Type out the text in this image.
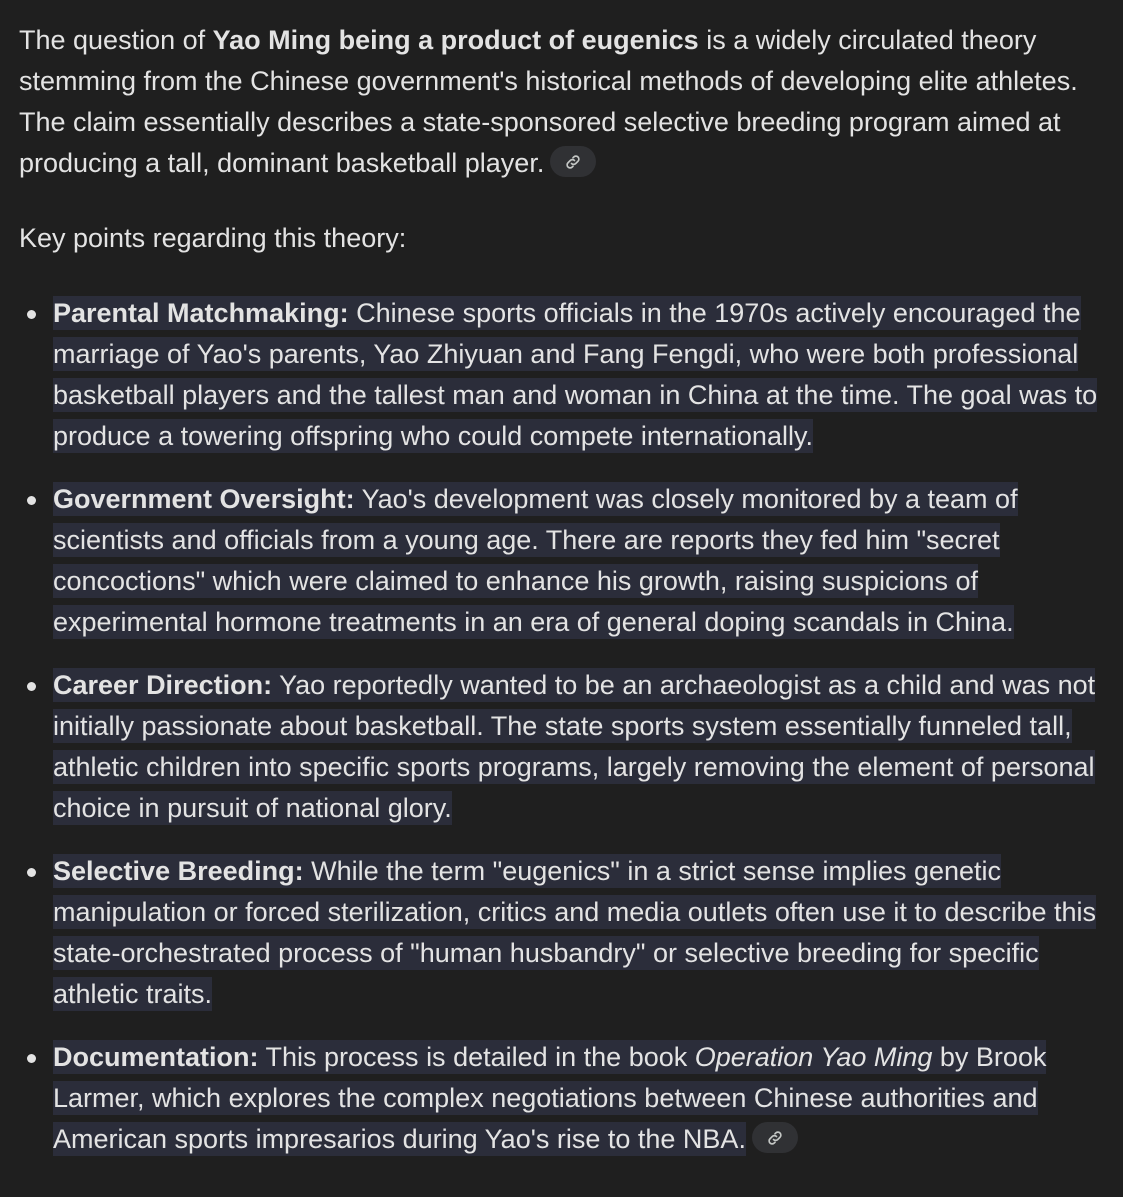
The question of Yao Ming being a product of eugenics is a widely circulated theory stemming from the Chinese government's historical methods of developing elite athletes. The claim essentially describes a state-sponsored selective breeding program aimed at producing a tall, dominant basketball player.

Key points regarding this theory:

Parental Matchmaking: Chinese sports officials in the 1970s actively encouraged the marriage of Yao's parents, Yao Zhiyuan and Fang Fengdi, who were both professional basketball players and the tallest man and woman in China at the time. The goal was to produce a towering offspring who could compete internationally.
Government Oversight: Yao's development was closely monitored by a team of scientists and officials from a young age. There are reports they fed him "secret concoctions" which were claimed to enhance his growth, raising suspicions of experimental hormone treatments in an era of general doping scandals in China.
Career Direction: Yao reportedly wanted to be an archaeologist as a child and was not initially passionate about basketball. The state sports system essentially funneled tall, athletic children into specific sports programs, largely removing the element of personal choice in pursuit of national glory.
Selective Breeding: While the term "eugenics" in a strict sense implies genetic manipulation or forced sterilization, critics and media outlets often use it to describe this state-orchestrated process of "human husbandry" or selective breeding for specific athletic traits.
Documentation: This process is detailed in the book Operation Yao Ming by Brook Larmer, which explores the complex negotiations between Chinese authorities and American sports impresarios during Yao's rise to the NBA.
